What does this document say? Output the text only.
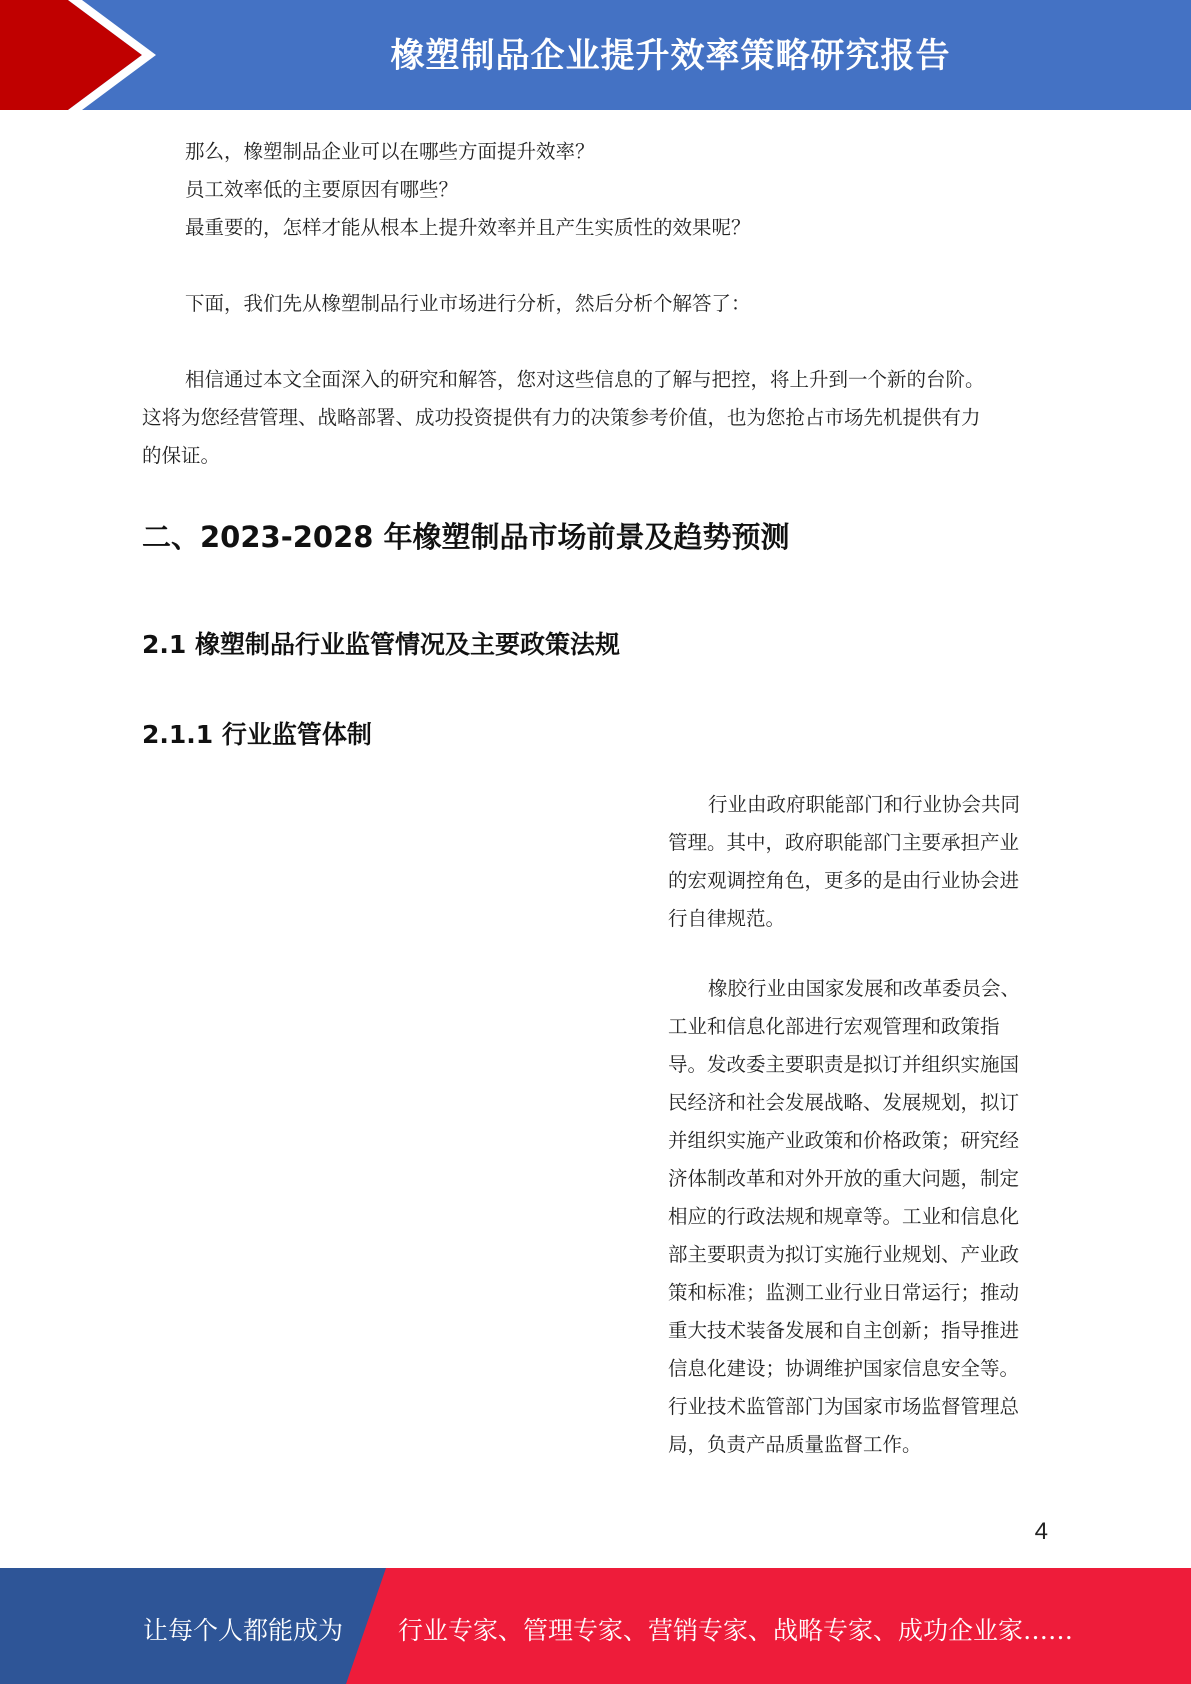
橡塑制品企业提升效率策略研究报告
那么，橡塑制品企业可以在哪些方面提升效率？
员工效率低的主要原因有哪些？
最重要的，怎样才能从根本上提升效率并且产生实质性的效果呢？
下面，我们先从橡塑制品行业市场进行分析，然后分析个解答了：
相信通过本文全面深入的研究和解答，您对这些信息的了解与把控，将上升到一个新的台阶。
这将为您经营管理、战略部署、成功投资提供有力的决策参考价值，也为您抢占市场先机提供有力
的保证。
二、2023-2028 年橡塑制品市场前景及趋势预测
2.1 橡塑制品行业监管情况及主要政策法规
2.1.1 行业监管体制
行业由政府职能部门和行业协会共同
管理。其中，政府职能部门主要承担产业
的宏观调控角色，更多的是由行业协会进
行自律规范。
橡胶行业由国家发展和改革委员会、
工业和信息化部进行宏观管理和政策指
导。发改委主要职责是拟订并组织实施国
民经济和社会发展战略、发展规划，拟订
并组织实施产业政策和价格政策；研究经
济体制改革和对外开放的重大问题，制定
相应的行政法规和规章等。工业和信息化
部主要职责为拟订实施行业规划、产业政
策和标准；监测工业行业日常运行；推动
重大技术装备发展和自主创新；指导推进
信息化建设；协调维护国家信息安全等。
行业技术监管部门为国家市场监督管理总
局，负责产品质量监督工作。
4
让每个人都能成为 行业专家、管理专家、营销专家、战略专家、成功企业家……
